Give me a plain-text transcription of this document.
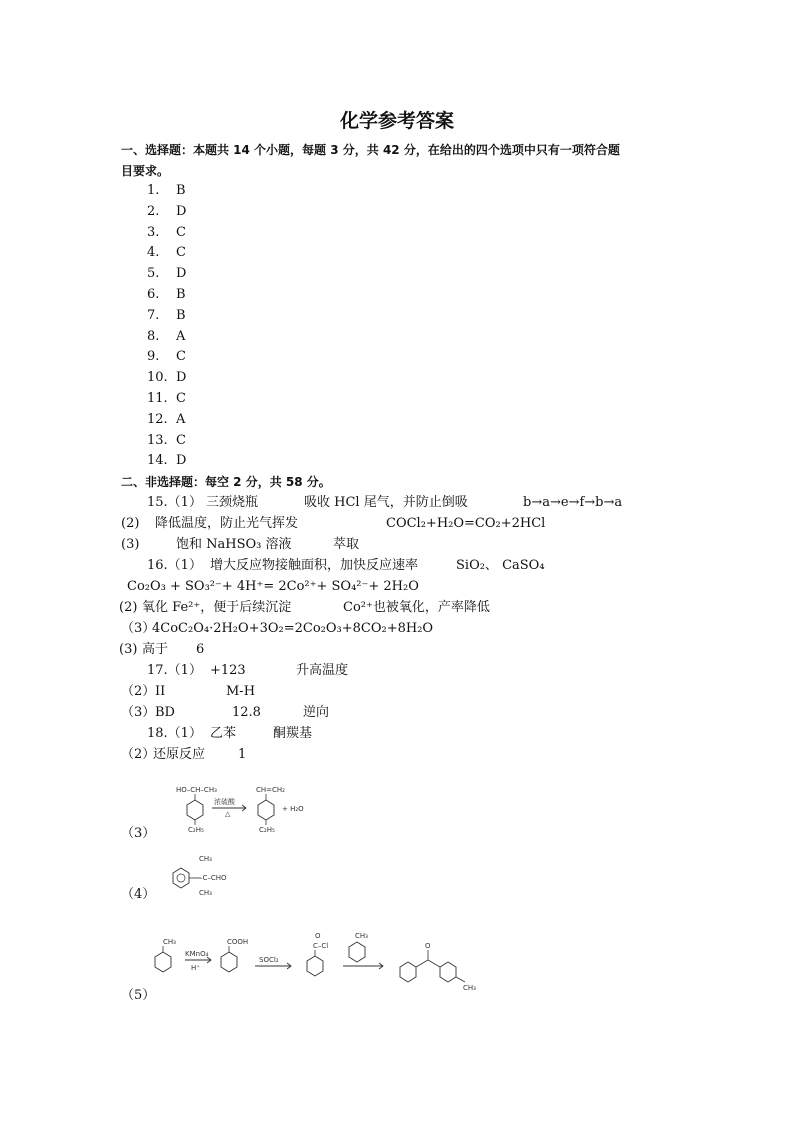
化学参考答案
一、选择题：本题共 14 个小题，每题 3 分，共 42 分，在给出的四个选项中只有一项符合题
目要求。
1.	B
2.	D
3.	C
4.	C
5.	D
6.	B
7.	B
8.	A
9.	C
10. D
11. C
12. A
13. C
14. D
二、非选择题：每空 2 分，共 58 分。
15.（1） 三颈烧瓶	吸收 HCl 尾气，并防止倒吸	b→a→e→f→b→a
(2) 降低温度，防止光气挥发	COCl₂+H₂O=CO₂+2HCl
(3)	饱和 NaHSO₃ 溶液	萃取
16.（1） 增大反应物接触面积，加快反应速率	SiO₂、 CaSO₄
Co₂O₃ + SO₃²⁻+ 4H⁺= 2Co²⁺+ SO₄²⁻+ 2H₂O
(2) 氧化 Fe²⁺，便于后续沉淀	Co²⁺也被氧化，产率降低
（3）
4CoC₂O₄·2H₂O+3O₂=2Co₂O₃+8CO₂+8H₂O
(3) 高于 6
17.（1） +123	升高温度
（2） II	M-H
（3） BD	12.8	逆向
18.（1） 乙苯	酮羰基
（2）
还原反应	1
（3）
HO–CH–CH₃
C₂H₅
浓硫酸
△
CH=CH₂
C₂H₅
+ H₂O
（4）
CH₃
–C–CHO
CH₃
（5）
CH₃
KMnO₄
H⁺
COOH
SOCl₂
O
C–Cl
CH₃
O
CH₃
